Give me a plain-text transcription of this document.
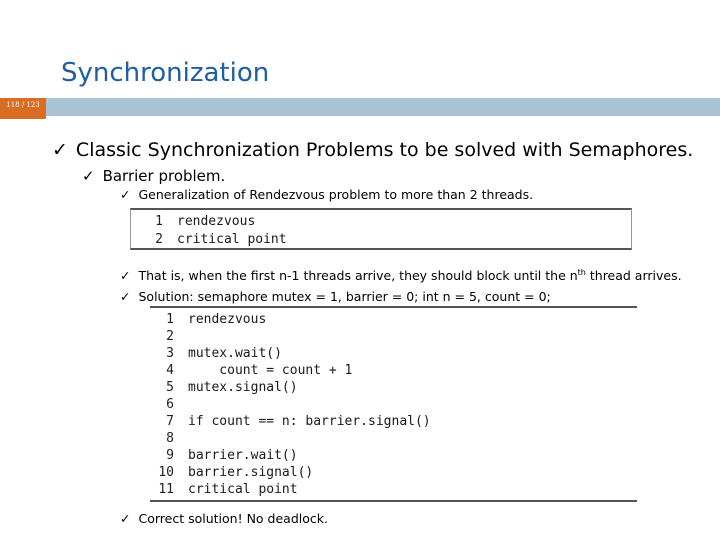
Synchronization
118 / 123
✓ Classic Synchronization Problems to be solved with Semaphores.
✓ Barrier problem.
✓ Generalization of Rendezvous problem to more than 2 threads.
1 rendezvous
2 critical point
✓ That is, when the first n-1 threads arrive, they should block until the $n^{th}$ thread arrives.
✓ Solution: semaphore mutex = 1, barrier = 0; int n = 5, count = 0;
1 rendezvous
2
3 mutex.wait()
4    count = count + 1
5 mutex.signal()
6
7 if count == n: barrier.signal()
8
9 barrier.wait()
10 barrier.signal()
11 critical point
✓ Correct solution! No deadlock.
